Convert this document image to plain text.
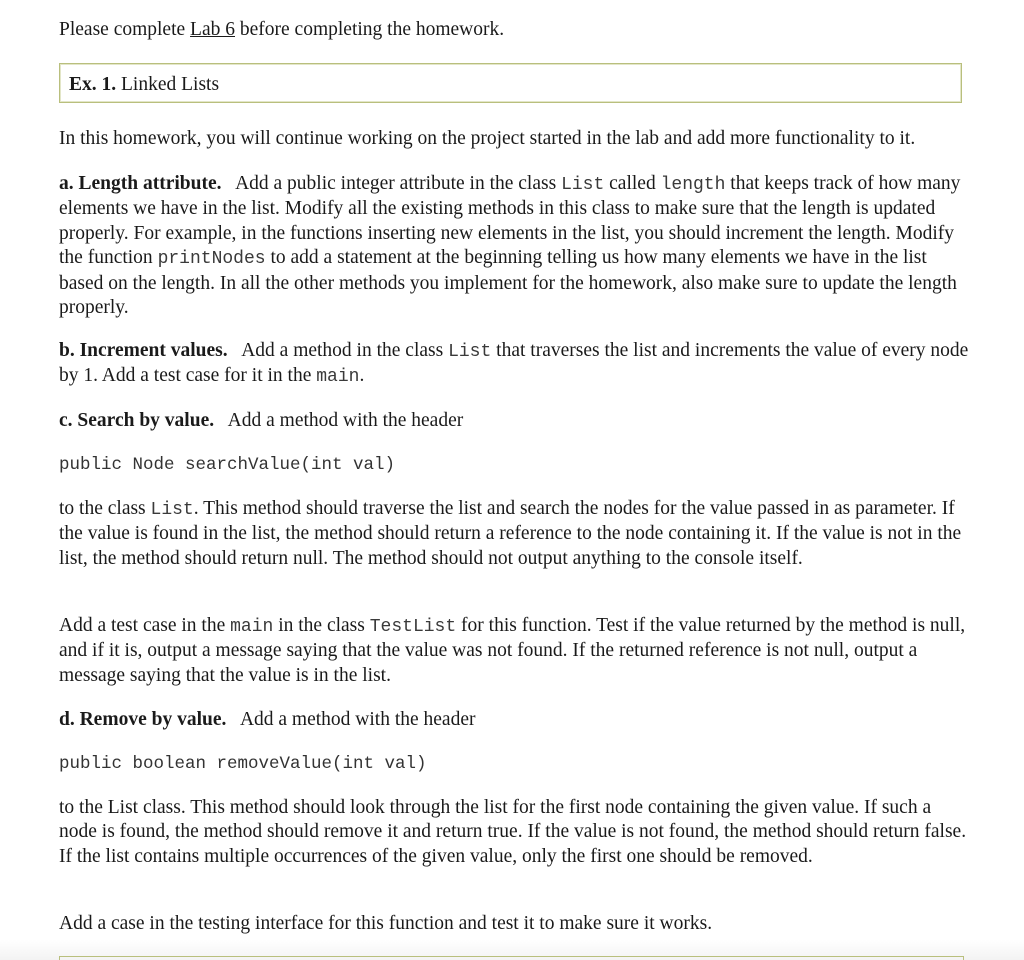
Please complete Lab 6 before completing the homework.
Ex. 1. Linked Lists

In this homework, you will continue working on the project started in the lab and add more functionality to it.

a. Length attribute. Add a public integer attribute in the class List called length that keeps track of how many elements we have in the list. Modify all the existing methods in this class to make sure that the length is updated properly. For example, in the functions inserting new elements in the list, you should increment the length. Modify the function printNodes to add a statement at the beginning telling us how many elements we have in the list based on the length. In all the other methods you implement for the homework, also make sure to update the length properly.

b. Increment values. Add a method in the class List that traverses the list and increments the value of every node by 1. Add a test case for it in the main.

c. Search by value. Add a method with the header

public Node searchValue(int val)

to the class List. This method should traverse the list and search the nodes for the value passed in as parameter. If the value is found in the list, the method should return a reference to the node containing it. If the value is not in the list, the method should return null. The method should not output anything to the console itself.

Add a test case in the main in the class TestList for this function. Test if the value returned by the method is null, and if it is, output a message saying that the value was not found. If the returned reference is not null, output a message saying that the value is in the list.

d. Remove by value. Add a method with the header

public boolean removeValue(int val)

to the List class. This method should look through the list for the first node containing the given value. If such a node is found, the method should remove it and return true. If the value is not found, the method should return false. If the list contains multiple occurrences of the given value, only the first one should be removed.

Add a case in the testing interface for this function and test it to make sure it works.
